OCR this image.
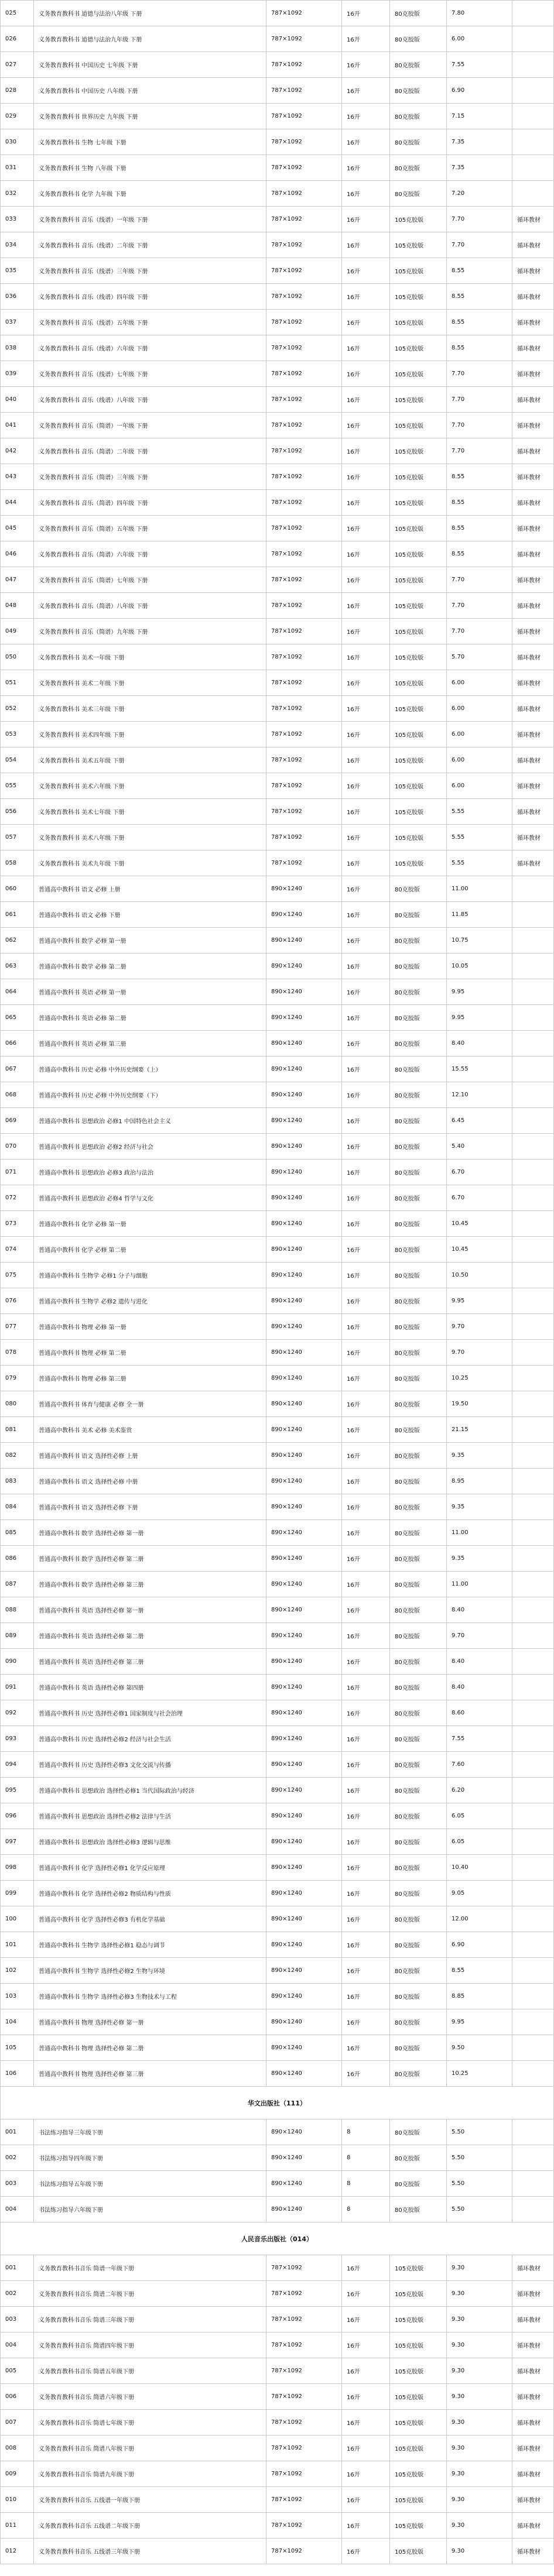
025	义务教育教科书 道德与法治八年级 下册	787×1092	16开	80克胶版	7.80	
026	义务教育教科书 道德与法治九年级 下册	787×1092	16开	80克胶版	6.00	
027	义务教育教科书 中国历史 七年级 下册	787×1092	16开	80克胶版	7.55	
028	义务教育教科书 中国历史 八年级 下册	787×1092	16开	80克胶版	6.90	
029	义务教育教科书 世界历史 九年级 下册	787×1092	16开	80克胶版	7.15	
030	义务教育教科书 生物 七年级 下册	787×1092	16开	80克胶版	7.35	
031	义务教育教科书 生物 八年级 下册	787×1092	16开	80克胶版	7.35	
032	义务教育教科书 化学 九年级 下册	787×1092	16开	80克胶版	7.20	
033	义务教育教科书 音乐（线谱）一年级 下册	787×1092	16开	105克胶版	7.70	循环教材
034	义务教育教科书 音乐（线谱）二年级 下册	787×1092	16开	105克胶版	7.70	循环教材
035	义务教育教科书 音乐（线谱）三年级 下册	787×1092	16开	105克胶版	8.55	循环教材
036	义务教育教科书 音乐（线谱）四年级 下册	787×1092	16开	105克胶版	8.55	循环教材
037	义务教育教科书 音乐（线谱）五年级 下册	787×1092	16开	105克胶版	8.55	循环教材
038	义务教育教科书 音乐（线谱）六年级 下册	787×1092	16开	105克胶版	8.55	循环教材
039	义务教育教科书 音乐（线谱）七年级 下册	787×1092	16开	105克胶版	7.70	循环教材
040	义务教育教科书 音乐（线谱）八年级 下册	787×1092	16开	105克胶版	7.70	循环教材
041	义务教育教科书 音乐（简谱）一年级 下册	787×1092	16开	105克胶版	7.70	循环教材
042	义务教育教科书 音乐（简谱）二年级 下册	787×1092	16开	105克胶版	7.70	循环教材
043	义务教育教科书 音乐（简谱）三年级 下册	787×1092	16开	105克胶版	8.55	循环教材
044	义务教育教科书 音乐（简谱）四年级 下册	787×1092	16开	105克胶版	8.55	循环教材
045	义务教育教科书 音乐（简谱）五年级 下册	787×1092	16开	105克胶版	8.55	循环教材
046	义务教育教科书 音乐（简谱）六年级 下册	787×1092	16开	105克胶版	8.55	循环教材
047	义务教育教科书 音乐（简谱）七年级 下册	787×1092	16开	105克胶版	7.70	循环教材
048	义务教育教科书 音乐（简谱）八年级 下册	787×1092	16开	105克胶版	7.70	循环教材
049	义务教育教科书 音乐（简谱）九年级 下册	787×1092	16开	105克胶版	7.70	循环教材
050	义务教育教科书 美术一年级 下册	787×1092	16开	105克胶版	5.70	循环教材
051	义务教育教科书 美术二年级 下册	787×1092	16开	105克胶版	6.00	循环教材
052	义务教育教科书 美术三年级 下册	787×1092	16开	105克胶版	6.00	循环教材
053	义务教育教科书 美术四年级 下册	787×1092	16开	105克胶版	6.00	循环教材
054	义务教育教科书 美术五年级 下册	787×1092	16开	105克胶版	6.00	循环教材
055	义务教育教科书 美术六年级 下册	787×1092	16开	105克胶版	6.00	循环教材
056	义务教育教科书 美术七年级 下册	787×1092	16开	105克胶版	5.55	循环教材
057	义务教育教科书 美术八年级 下册	787×1092	16开	105克胶版	5.55	循环教材
058	义务教育教科书 美术九年级 下册	787×1092	16开	105克胶版	5.55	循环教材
060	普通高中教科书 语文 必修 上册	890×1240	16开	80克胶版	11.00	
061	普通高中教科书 语文 必修 下册	890×1240	16开	80克胶版	11.85	
062	普通高中教科书 数学 必修 第一册	890×1240	16开	80克胶版	10.75	
063	普通高中教科书 数学 必修 第二册	890×1240	16开	80克胶版	10.05	
064	普通高中教科书 英语 必修 第一册	890×1240	16开	80克胶版	9.95	
065	普通高中教科书 英语 必修 第二册	890×1240	16开	80克胶版	9.95	
066	普通高中教科书 英语 必修 第三册	890×1240	16开	80克胶版	8.40	
067	普通高中教科书 历史 必修 中外历史纲要（上）	890×1240	16开	80克胶版	15.55	
068	普通高中教科书 历史 必修 中外历史纲要（下）	890×1240	16开	80克胶版	12.10	
069	普通高中教科书 思想政治 必修1 中国特色社会主义	890×1240	16开	80克胶版	6.45	
070	普通高中教科书 思想政治 必修2 经济与社会	890×1240	16开	80克胶版	5.40	
071	普通高中教科书 思想政治 必修3 政治与法治	890×1240	16开	80克胶版	6.70	
072	普通高中教科书 思想政治 必修4 哲学与文化	890×1240	16开	80克胶版	6.70	
073	普通高中教科书 化学 必修 第一册	890×1240	16开	80克胶版	10.45	
074	普通高中教科书 化学 必修 第二册	890×1240	16开	80克胶版	10.45	
075	普通高中教科书 生物学 必修1 分子与细胞	890×1240	16开	80克胶版	10.50	
076	普通高中教科书 生物学 必修2 遗传与进化	890×1240	16开	80克胶版	9.95	
077	普通高中教科书 物理 必修 第一册	890×1240	16开	80克胶版	9.70	
078	普通高中教科书 物理 必修 第二册	890×1240	16开	80克胶版	9.70	
079	普通高中教科书 物理 必修 第三册	890×1240	16开	80克胶版	10.25	
080	普通高中教科书 体育与健康 必修 全一册	890×1240	16开	80克胶版	19.50	
081	普通高中教科书 美术 必修 美术鉴赏	890×1240	16开	80克胶版	21.15	
082	普通高中教科书 语文 选择性必修 上册	890×1240	16开	80克胶版	9.35	
083	普通高中教科书 语文 选择性必修 中册	890×1240	16开	80克胶版	8.95	
084	普通高中教科书 语文 选择性必修 下册	890×1240	16开	80克胶版	9.35	
085	普通高中教科书 数学 选择性必修 第一册	890×1240	16开	80克胶版	11.00	
086	普通高中教科书 数学 选择性必修 第二册	890×1240	16开	80克胶版	9.35	
087	普通高中教科书 数学 选择性必修 第三册	890×1240	16开	80克胶版	11.00	
088	普通高中教科书 英语 选择性必修 第一册	890×1240	16开	80克胶版	8.40	
089	普通高中教科书 英语 选择性必修 第二册	890×1240	16开	80克胶版	9.70	
090	普通高中教科书 英语 选择性必修 第三册	890×1240	16开	80克胶版	8.40	
091	普通高中教科书 英语 选择性必修 第四册	890×1240	16开	80克胶版	8.40	
092	普通高中教科书 历史 选择性必修1 国家制度与社会治理	890×1240	16开	80克胶版	8.60	
093	普通高中教科书 历史 选择性必修2 经济与社会生活	890×1240	16开	80克胶版	7.55	
094	普通高中教科书 历史 选择性必修3 文化交流与传播	890×1240	16开	80克胶版	7.60	
095	普通高中教科书 思想政治 选择性必修1 当代国际政治与经济	890×1240	16开	80克胶版	6.20	
096	普通高中教科书 思想政治 选择性必修2 法律与生活	890×1240	16开	80克胶版	6.05	
097	普通高中教科书 思想政治 选择性必修3 逻辑与思维	890×1240	16开	80克胶版	6.05	
098	普通高中教科书 化学 选择性必修1 化学反应原理	890×1240	16开	80克胶版	10.40	
099	普通高中教科书 化学 选择性必修2 物质结构与性质	890×1240	16开	80克胶版	9.05	
100	普通高中教科书 化学 选择性必修3 有机化学基础	890×1240	16开	80克胶版	12.00	
101	普通高中教科书 生物学 选择性必修1 稳态与调节	890×1240	16开	80克胶版	6.90	
102	普通高中教科书 生物学 选择性必修2 生物与环境	890×1240	16开	80克胶版	8.55	
103	普通高中教科书 生物学 选择性必修3 生物技术与工程	890×1240	16开	80克胶版	8.85	
104	普通高中教科书 物理 选择性必修 第一册	890×1240	16开	80克胶版	9.95	
105	普通高中教科书 物理 选择性必修 第二册	890×1240	16开	80克胶版	9.50	
106	普通高中教科书 物理 选择性必修 第三册	890×1240	16开	80克胶版	10.25	
华文出版社（111）						
001	书法练习指导三年级下册	890×1240	8	80克胶版	5.50	
002	书法练习指导四年级下册	890×1240	8	80克胶版	5.50	
003	书法练习指导五年级下册	890×1240	8	80克胶版	5.50	
004	书法练习指导六年级下册	890×1240	8	80克胶版	5.50	
人民音乐出版社（014）						
001	义务教育教科书音乐 简谱一年级下册	787×1092	16开	105克胶版	9.30	循环教材
002	义务教育教科书音乐 简谱二年级下册	787×1092	16开	105克胶版	9.30	循环教材
003	义务教育教科书音乐 简谱三年级下册	787×1092	16开	105克胶版	9.30	循环教材
004	义务教育教科书音乐 简谱四年级下册	787×1092	16开	105克胶版	9.30	循环教材
005	义务教育教科书音乐 简谱五年级下册	787×1092	16开	105克胶版	9.30	循环教材
006	义务教育教科书音乐 简谱六年级下册	787×1092	16开	105克胶版	9.30	循环教材
007	义务教育教科书音乐 简谱七年级下册	787×1092	16开	105克胶版	9.30	循环教材
008	义务教育教科书音乐 简谱八年级下册	787×1092	16开	105克胶版	9.30	循环教材
009	义务教育教科书音乐 简谱九年级下册	787×1092	16开	105克胶版	9.30	循环教材
010	义务教育教科书音乐 五线谱一年级下册	787×1092	16开	105克胶版	9.30	循环教材
011	义务教育教科书音乐 五线谱二年级下册	787×1092	16开	105克胶版	9.30	循环教材
012	义务教育教科书音乐 五线谱三年级下册	787×1092	16开	105克胶版	9.30	循环教材
